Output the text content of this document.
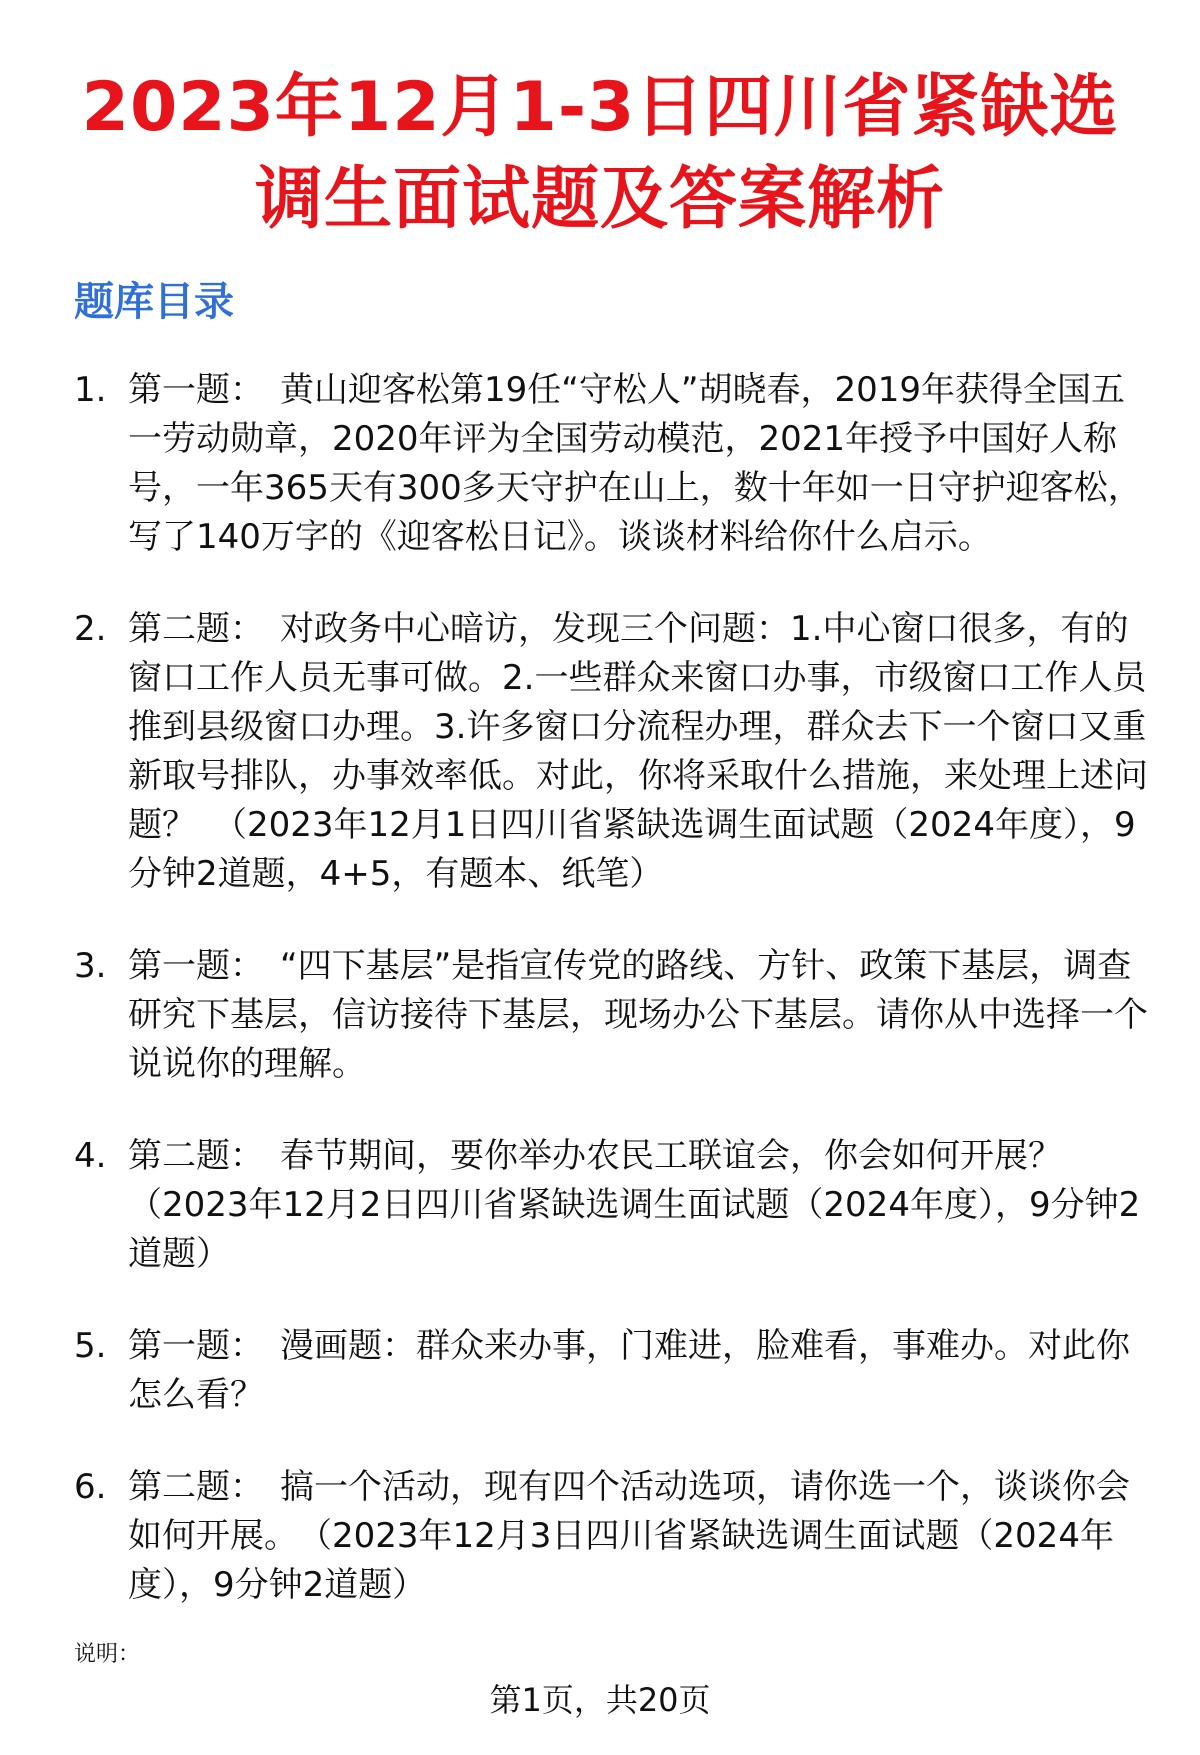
2023年12月1-3日四川省紧缺选调生面试题及答案解析
题库目录
1. 第一题： 黄山迎客松第19任“守松人”胡晓春，2019年获得全国五一劳动勋章，2020年评为全国劳动模范，2021年授予中国好人称号，一年365天有300多天守护在山上，数十年如一日守护迎客松，写了140万字的《迎客松日记》。谈谈材料给你什么启示。
2. 第二题： 对政务中心暗访，发现三个问题：1.中心窗口很多，有的窗口工作人员无事可做。2.一些群众来窗口办事，市级窗口工作人员推到县级窗口办理。3.许多窗口分流程办理，群众去下一个窗口又重新取号排队，办事效率低。对此，你将采取什么措施，来处理上述问题？　（2023年12月1日四川省紧缺选调生面试题（2024年度），9分钟2道题，4+5，有题本、纸笔）
3. 第一题： “四下基层”是指宣传党的路线、方针、政策下基层，调查研究下基层，信访接待下基层，现场办公下基层。请你从中选择一个说说你的理解。
4. 第二题： 春节期间，要你举办农民工联谊会，你会如何开展？　（2023年12月2日四川省紧缺选调生面试题（2024年度），9分钟2道题）
5. 第一题： 漫画题：群众来办事，门难进，脸难看，事难办。对此你怎么看？
6. 第二题： 搞一个活动，现有四个活动选项，请你选一个，谈谈你会如何开展。　（2023年12月3日四川省紧缺选调生面试题（2024年度），9分钟2道题）
说明：
第1页，共20页
